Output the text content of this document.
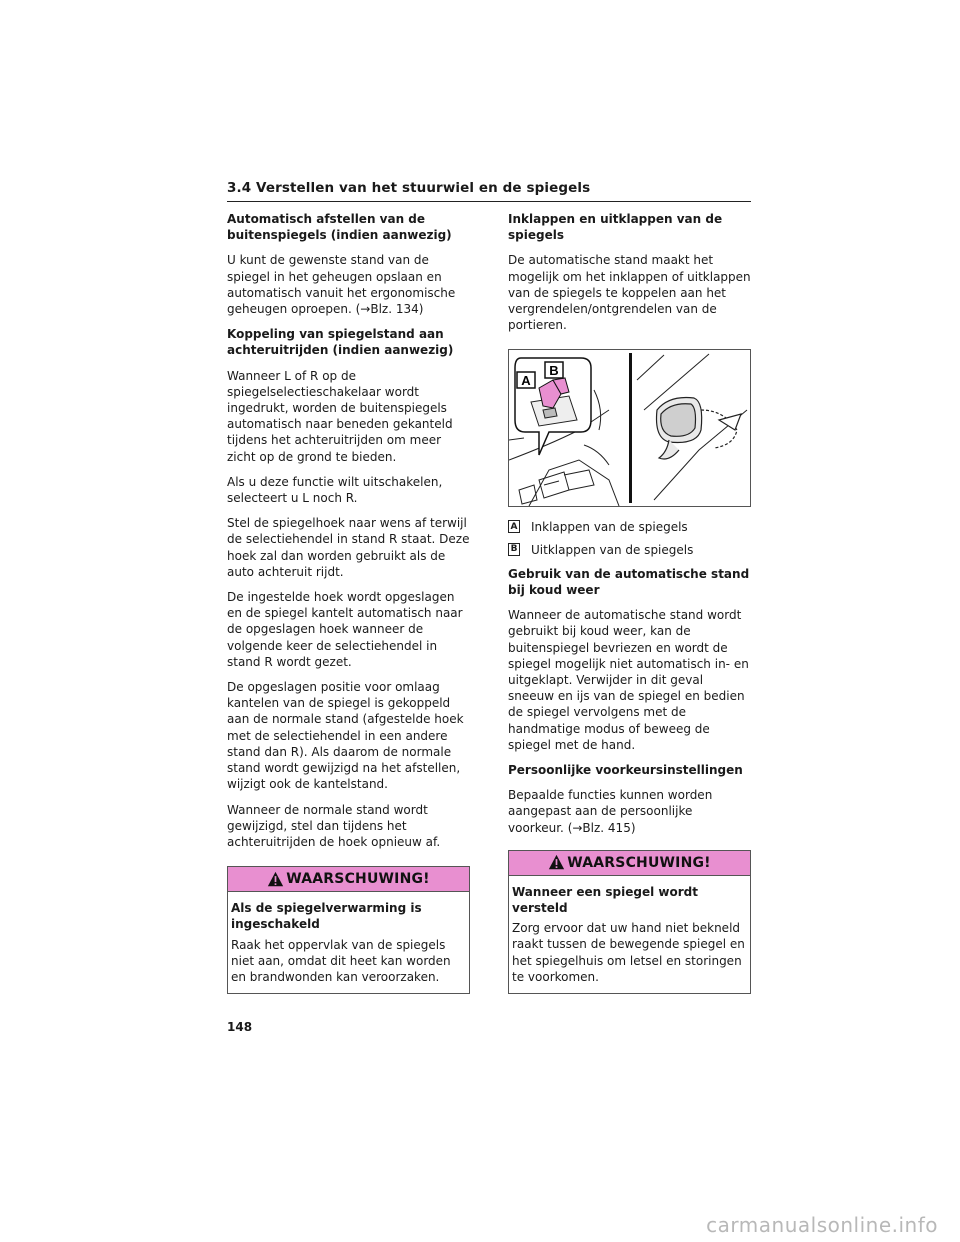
3.4 Verstellen van het stuurwiel en de spiegels
Automatisch afstellen van de buitenspiegels (indien aanwezig)
U kunt de gewenste stand van de spiegel in het geheugen opslaan en automatisch vanuit het ergonomische geheugen oproepen. (→Blz. 134)
Koppeling van spiegelstand aan achteruitrijden (indien aanwezig)
Wanneer L of R op de spiegelselectieschakelaar wordt ingedrukt, worden de buitenspiegels automatisch naar beneden gekanteld tijdens het achteruitrijden om meer zicht op de grond te bieden.
Als u deze functie wilt uitschakelen, selecteert u L noch R.
Stel de spiegelhoek naar wens af terwijl de selectiehendel in stand R staat. Deze hoek zal dan worden gebruikt als de auto achteruit rijdt.
De ingestelde hoek wordt opgeslagen en de spiegel kantelt automatisch naar de opgeslagen hoek wanneer de volgende keer de selectiehendel in stand R wordt gezet.
De opgeslagen positie voor omlaag kantelen van de spiegel is gekoppeld aan de normale stand (afgestelde hoek met de selectiehendel in een andere stand dan R). Als daarom de normale stand wordt gewijzigd na het afstellen, wijzigt ook de kantelstand.
Wanneer de normale stand wordt gewijzigd, stel dan tijdens het achteruitrijden de hoek opnieuw af.
WAARSCHUWING!
Als de spiegelverwarming is ingeschakeld
Raak het oppervlak van de spiegels niet aan, omdat dit heet kan worden en brandwonden kan veroorzaken.
Inklappen en uitklappen van de spiegels
De automatische stand maakt het mogelijk om het inklappen of uitklappen van de spiegels te koppelen aan het vergrendelen/ontgrendelen van de portieren.
A
B
A Inklappen van de spiegels
B Uitklappen van de spiegels
Gebruik van de automatische stand bij koud weer
Wanneer de automatische stand wordt gebruikt bij koud weer, kan de buitenspiegel bevriezen en wordt de spiegel mogelijk niet automatisch in- en uitgeklapt. Verwijder in dit geval sneeuw en ijs van de spiegel en bedien de spiegel vervolgens met de handmatige modus of beweeg de spiegel met de hand.
Persoonlijke voorkeursinstellingen
Bepaalde functies kunnen worden aangepast aan de persoonlijke voorkeur. (→Blz. 415)
WAARSCHUWING!
Wanneer een spiegel wordt versteld
Zorg ervoor dat uw hand niet bekneld raakt tussen de bewegende spiegel en het spiegelhuis om letsel en storingen te voorkomen.
148
carmanualsonline.info
